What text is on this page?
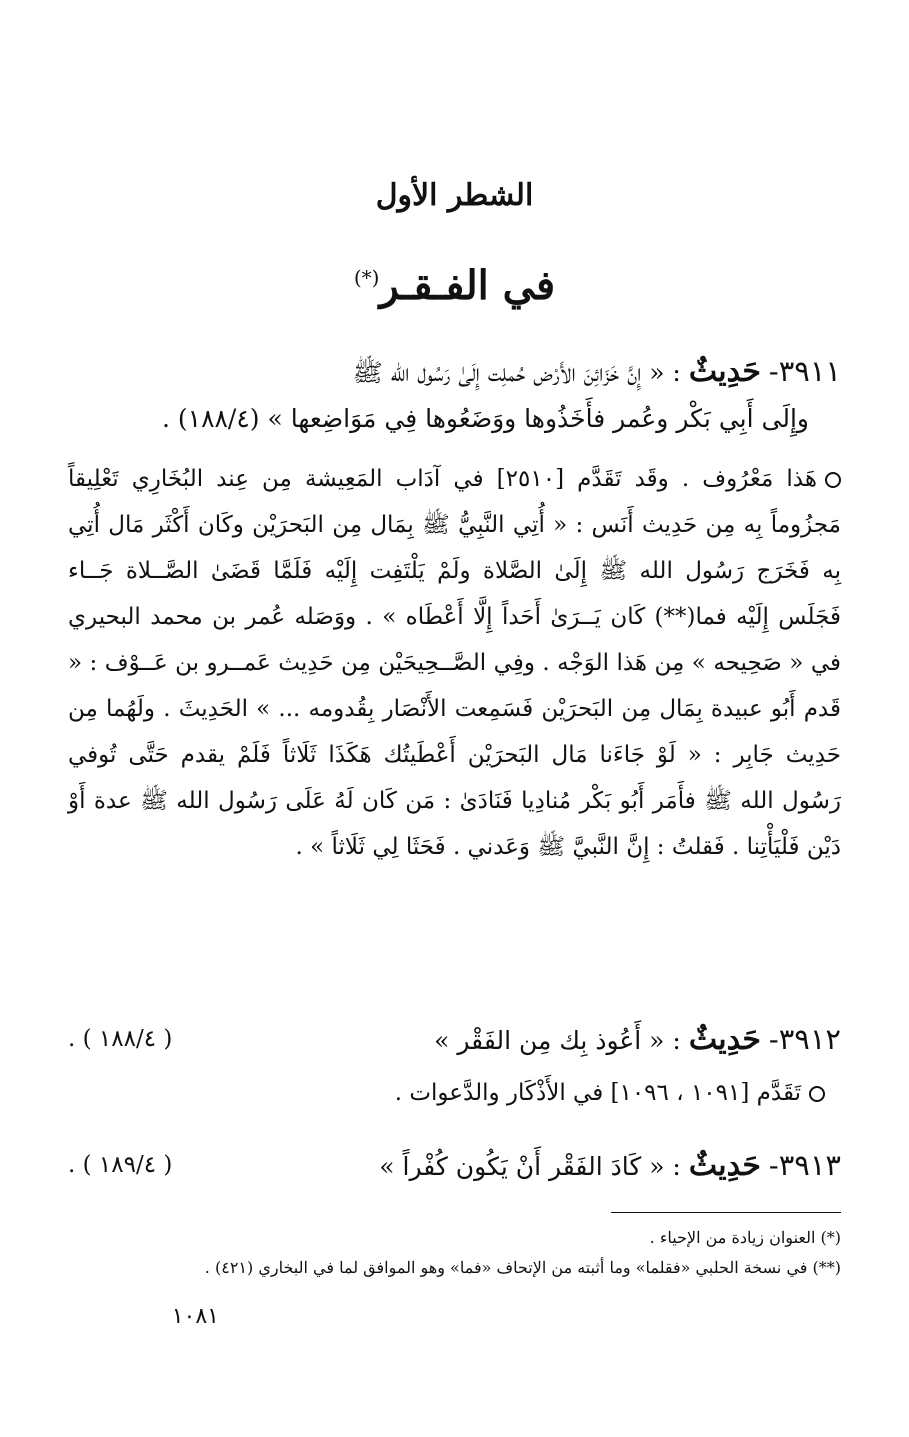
الشطر الأول
في الفـقـر(*)
٣٩١١- حَدِيثٌ : « إِنَّ خَزَائِنَ الأَرْض حُملِت إِلَىٰ رَسُول الله ﷺ
وإِلَى أَبِي بَكْر وعُمر فأَخَذُوها ووَضَعُوها فِي مَوَاضِعها » (١٨٨/٤) .

هَذا مَعْرُوف . وقَد تَقَدَّم [٢٥١٠] في آدَاب المَعِيشة مِن عِند البُخَارِي تَعْلِيقاً مَجزُوماً بِه مِن حَدِيث أَنَس : « أُتِي النَّبِيُّ ﷺ بِمَال مِن البَحرَيْن وكَان أَكْثَر مَال أُتِي بِه فَخَرَج رَسُول الله ﷺ إِلَىٰ الصَّلاة ولَمْ يَلْتَفِت إِلَيْه فَلَمَّا قَضَىٰ الصَّــلاة جَــاء فَجَلَس إِلَيْه فما(**) كَان يَــرَىٰ أَحَداً إِلَّا أَعْطَاه » . ووَصَله عُمر بن محمد البحيري في « صَحِيحه » مِن هَذا الوَجْه . وفِي الصَّــحِيحَيْن مِن حَدِيث عَمــرو بن عَــوْف : « قَدم أَبُو عبيدة بِمَال مِن البَحرَيْن فَسَمِعت الأَنْصَار بِقُدومه ... » الحَدِيثَ . ولَهُما مِن حَدِيث جَابِر : « لَوْ جَاءَنا مَال البَحرَيْن أَعْطَيتُك هَكَذَا ثَلَاثاً فَلَمْ يقدم حَتَّى تُوفي رَسُول الله ﷺ فأَمَر أَبُو بَكْر مُنادِيا فَنَادَىٰ : مَن كَان لَهُ عَلَى رَسُول الله ﷺ عدة أَوْ دَيْن فَلْيَأْتِنا . فَقلتُ : إِنَّ النَّبيَّ ﷺ وَعَدني . فَحَثَا لِي ثَلَاثاً » .

٣٩١٢- حَدِيثٌ : « أَعُوذ بِك مِن الفَقْر »
( ١٨٨/٤ ) .
تَقَدَّم [١٠٩١ ، ١٠٩٦] في الأَذْكَار والدَّعوات .
٣٩١٣- حَدِيثٌ : « كَادَ الفَقْر أَنْ يَكُون كُفْراً »
( ١٨٩/٤ ) .

(*) العنوان زيادة من الإحياء .

(**) في نسخة الحلبي «فقلما» وما أثبته من الإتحاف «فما» وهو الموافق لما في البخاري (٤٢١) .

١٠٨١
